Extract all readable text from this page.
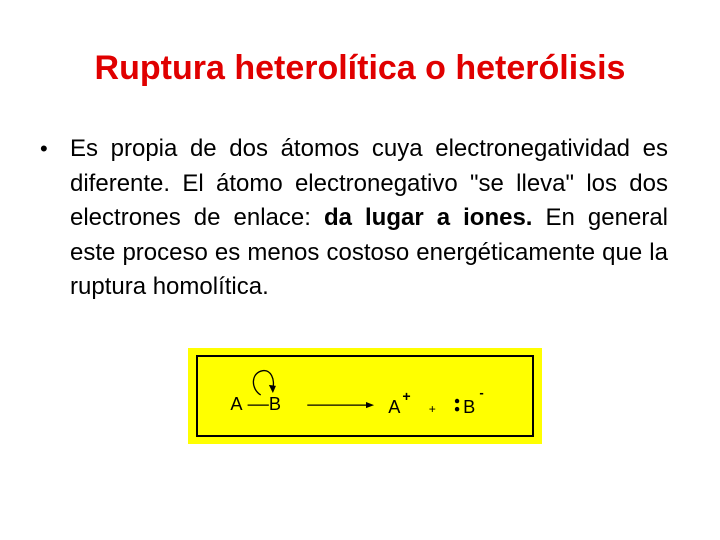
Ruptura heterolítica o heterólisis
• Es propia de dos átomos cuya electronegatividad es diferente. El átomo electronegativo "se lleva" los dos electrones de enlace: da lugar a iones. En general este proceso es menos costoso energéticamente que la ruptura homolítica.
A B	A
+
+ B
-
